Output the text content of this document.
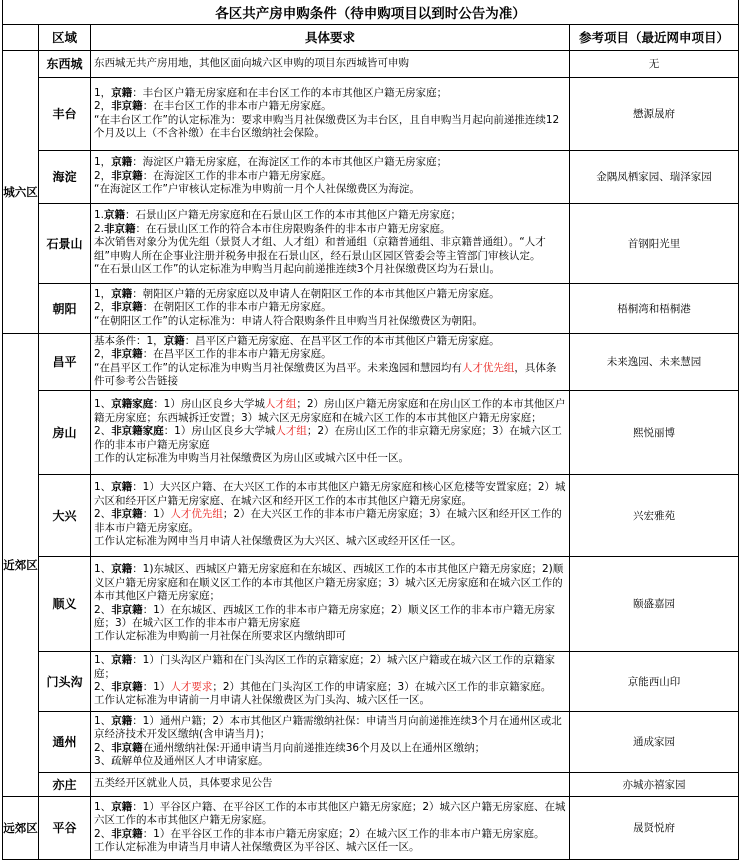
各区共产房申购条件（待申购项目以到时公告为准）			
	区域	具体要求	参考项目（最近网申项目）
城六区	东西城	东西城无共产房用地，其他区面向城六区申购的项目东西城皆可申购	无
	丰台	1，京籍：丰台区户籍无房家庭和在丰台区工作的本市其他区户籍无房家庭；
2，非京籍：在丰台区工作的非本市户籍无房家庭。
“在丰台区工作”的认定标准为：要求申购当月社保缴费区为丰台区，且自申购当月起向前递推连续12个月及以上（不含补缴）在丰台区缴纳社会保险。	懋源晟府
	海淀	1，京籍：海淀区户籍无房家庭，在海淀区工作的本市其他区户籍无房家庭；
2，非京籍：在海淀区工作的非本市户籍无房家庭。
“在海淀区工作”户审核认定标准为申购前一月个人社保缴费区为海淀。	金隅凤栖家园、瑞泽家园
	石景山	1.京籍：石景山区户籍无房家庭和在石景山区工作的本市其他区户籍无房家庭；
2.非京籍：在石景山区工作的符合本市住房限购条件的非本市户籍无房家庭。
本次销售对象分为优先组（景贤人才组、人才组）和普通组（京籍普通组、非京籍普通组）。“人才组”申购人所在企事业注册并税务申报在石景山区，经石景山区园区管委会等主管部门审核认定。
“在石景山区工作”的认定标准为申购当月起向前递推连续3个月社保缴费区均为石景山。	首钢阳光里
	朝阳	1，京籍：朝阳区户籍的无房家庭以及申请人在朝阳区工作的本市其他区户籍无房家庭。
2，非京籍：在朝阳区工作的非本市户籍无房家庭。
“在朝阳区工作”的认定标准为：申请人符合限购条件且申购当月社保缴费区为朝阳。	梧桐湾和梧桐港
近郊区	昌平	基本条件：1，京籍：昌平区户籍无房家庭、在昌平区工作的本市其他区户籍无房家庭。
2，非京籍：在昌平区工作的非本市户籍无房家庭。
“在昌平区工作”的认定标准为申购当月社保缴费区为昌平。未来逸园和慧园均有人才优先组，具体条件可参考公告链接	未来逸园、未来慧园
	房山	1、京籍家庭：1）房山区良乡大学城人才组；2）房山区户籍无房家庭和在房山区工作的本市其他区户籍无房家庭；东西城拆迁安置；3）城六区无房家庭和在城六区工作的本市其他区户籍无房家庭；
2、非京籍家庭：1）房山区良乡大学城人才组；2）在房山区工作的非京籍无房家庭；3）在城六区工作的非本市户籍无房家庭
工作的认定标准为申购当月社保缴费区为房山区或城六区中任一区。	熙悦丽博
	大兴	1、京籍：1）大兴区户籍、在大兴区工作的本市其他区户籍无房家庭和核心区危楼等安置家庭；2）城六区和经开区户籍无房家庭、在城六区和经开区工作的本市其他区户籍无房家庭。
2、非京籍：1）人才优先组；2）在大兴区工作的非本市户籍无房家庭；3）在城六区和经开区工作的非本市户籍无房家庭。
工作认定标准为网申当月申请人社保缴费区为大兴区、城六区或经开区任一区。	兴宏雅苑
	顺义	1、京籍：1)东城区、西城区户籍无房家庭和在东城区、西城区工作的本市其他区户籍无房家庭；2)顺义区户籍无房家庭和在顺义区工作的本市其他区户籍无房家庭；3）城六区无房家庭和在城六区工作的本市其他区户籍无房家庭；
2、非京籍：1）在东城区、西城区工作的非本市户籍无房家庭；2）顺义区工作的非本市户籍无房家庭；3）在城六区工作的非本市户籍无房家庭
工作认定标准为申购前一月社保在所要求区内缴纳即可	颐盛嘉园
	门头沟	1、京籍：1）门头沟区户籍和在门头沟区工作的京籍家庭；2）城六区户籍或在城六区工作的京籍家庭；
2、非京籍：1）人才要求；2）其他在门头沟区工作的申请家庭；3）在城六区工作的非京籍家庭。
工作认定标准为申请前一月申请人社保缴费区为门头沟、城六区任一区。	京能西山印
	通州	1、京籍：1）通州户籍；2）本市其他区户籍需缴纳社保：申请当月向前递推连续3个月在通州区或北京经济技术开发区缴纳(含申请当月)；
2、非京籍在通州缴纳社保:开通申请当月向前递推连续36个月及以上在通州区缴纳；
3、疏解单位及通州区人才申请家庭。	通成家园
	亦庄	五类经开区就业人员，具体要求见公告	亦城亦禧家园
远郊区	平谷	1、京籍：1）平谷区户籍、在平谷区工作的本市其他区户籍无房家庭；2）城六区户籍无房家庭、在城六区工作的本市其他区户籍无房家庭。
2、非京籍：1）在平谷区工作的非本市户籍无房家庭；2）在城六区工作的非本市户籍无房家庭。
工作认定标准为申请当月申请人社保缴费区为平谷区、城六区任一区。	晟贤悦府
